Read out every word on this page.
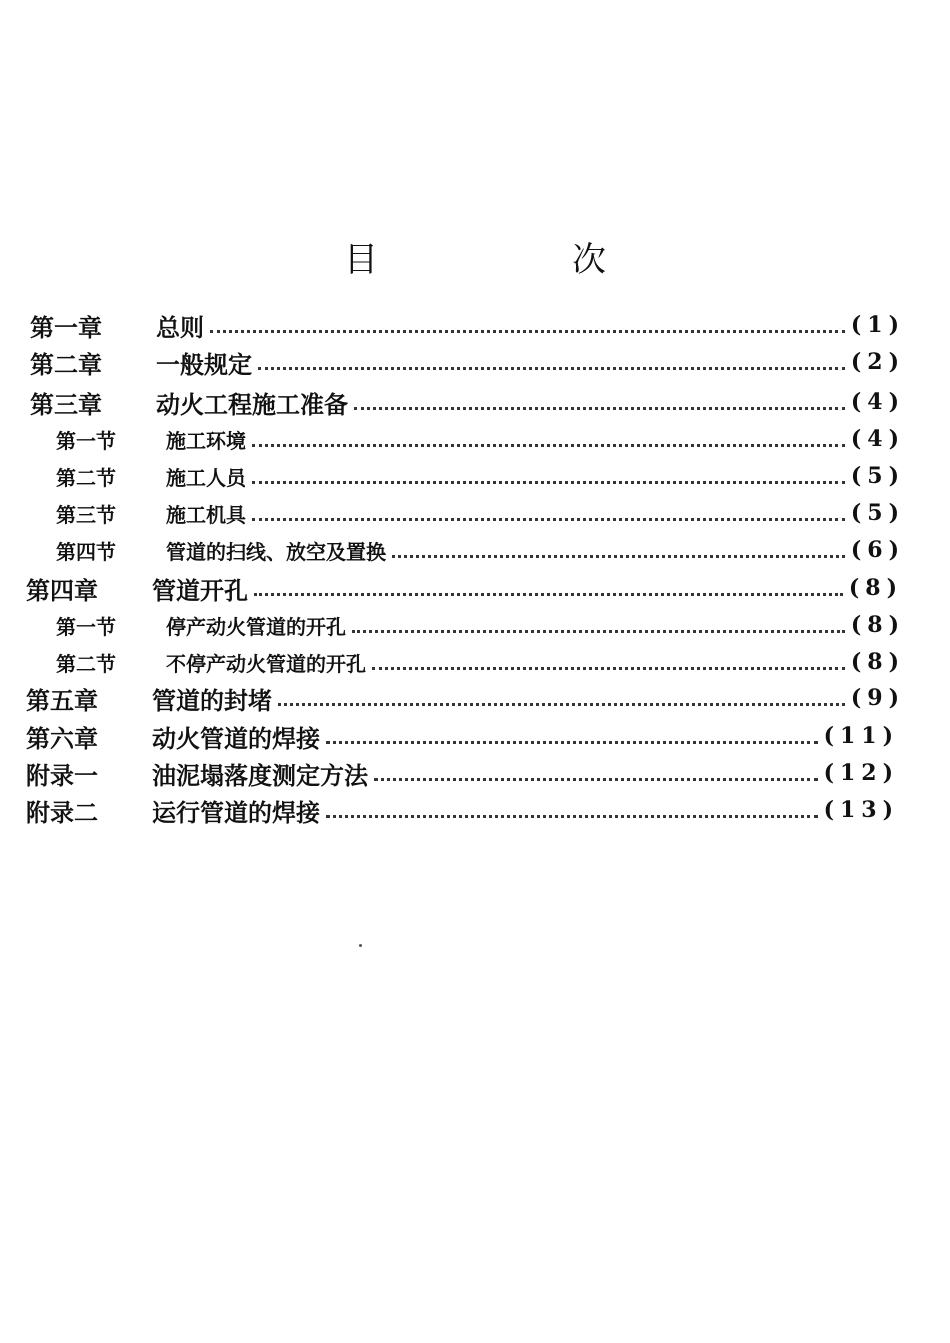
目　次
第一章	总则	(1)
第二章	一般规定	(2)
第三章	动火工程施工准备	(4)
第一节	施工环境	(4)
第二节	施工人员	(5)
第三节	施工机具	(5)
第四节	管道的扫线、放空及置换	(6)
第四章	管道开孔	(8)
第一节	停产动火管道的开孔	(8)
第二节	不停产动火管道的开孔	(8)
第五章	管道的封堵	(9)
第六章	动火管道的焊接	(11)
附录一	油泥塌落度测定方法	(12)
附录二	运行管道的焊接	(13)
